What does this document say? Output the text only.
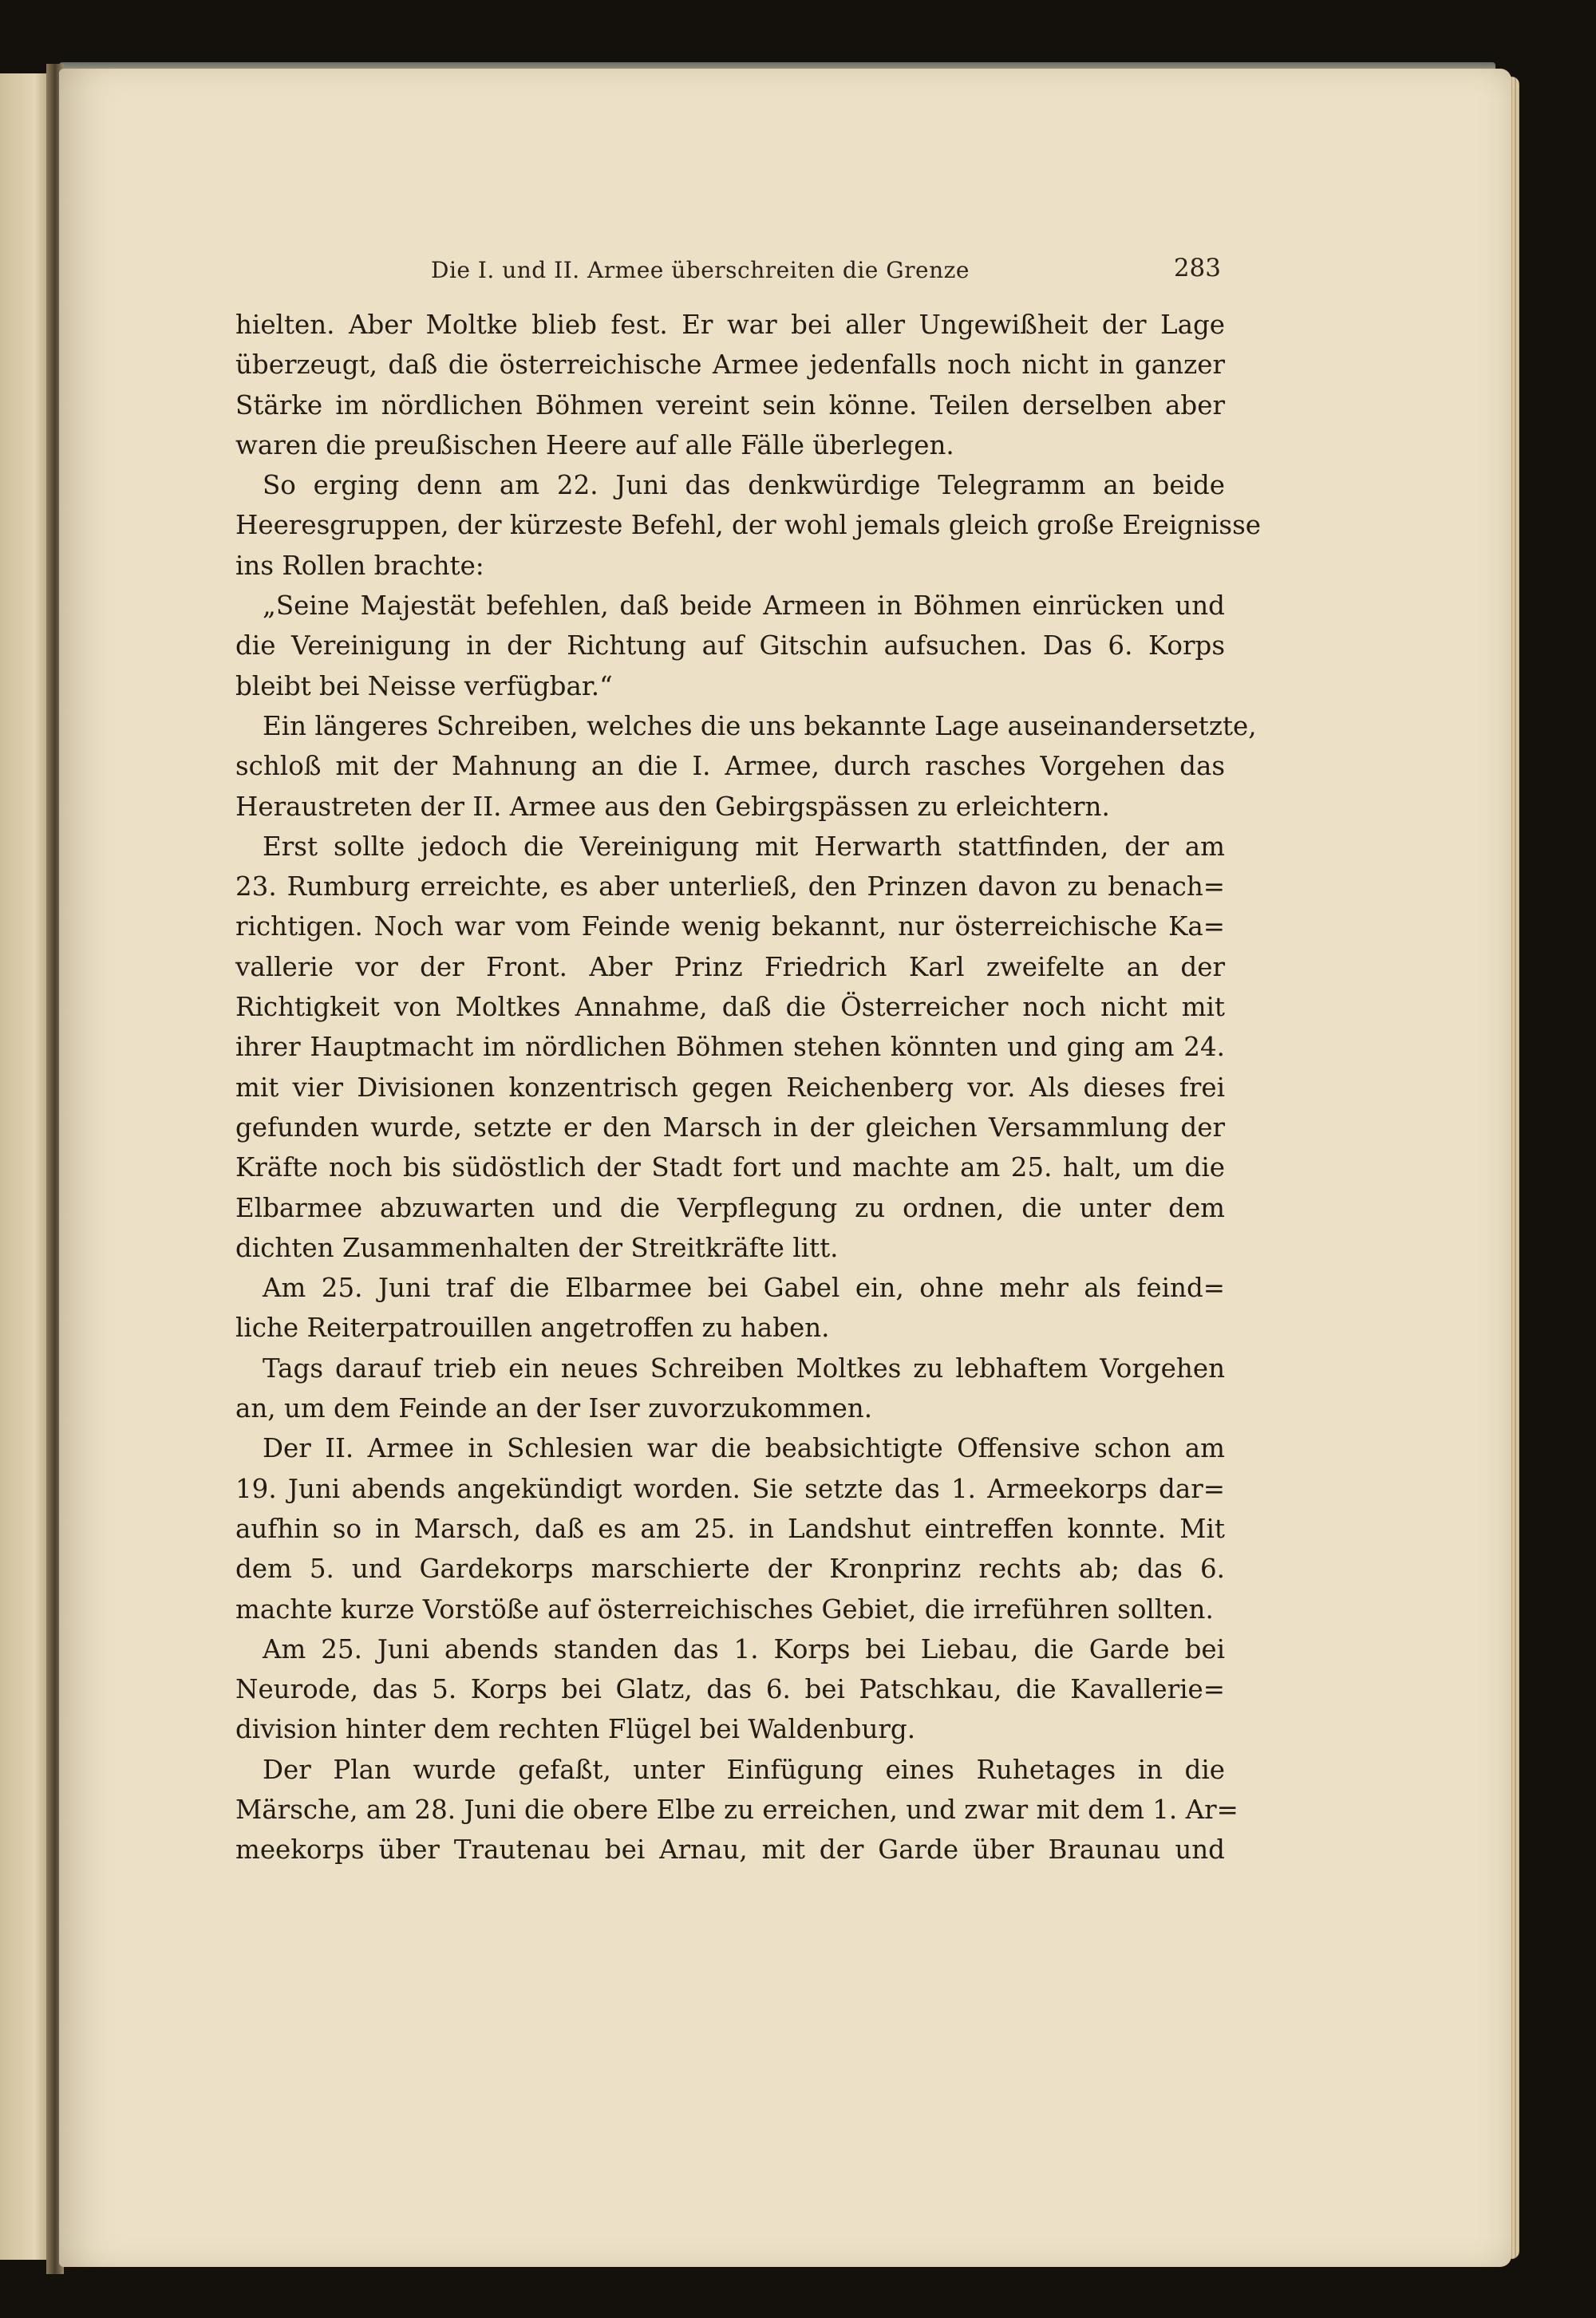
Die I. und II. Armee überschreiten die Grenze	283
hielten. Aber Moltke blieb fest. Er war bei aller Ungewißheit der Lage
überzeugt, daß die österreichische Armee jedenfalls noch nicht in ganzer
Stärke im nördlichen Böhmen vereint sein könne. Teilen derselben aber
waren die preußischen Heere auf alle Fälle überlegen.
So erging denn am 22. Juni das denkwürdige Telegramm an beide
Heeresgruppen, der kürzeste Befehl, der wohl jemals gleich große Ereignisse
ins Rollen brachte:
„Seine Majestät befehlen, daß beide Armeen in Böhmen einrücken und
die Vereinigung in der Richtung auf Gitschin aufsuchen. Das 6. Korps
bleibt bei Neisse verfügbar.“
Ein längeres Schreiben, welches die uns bekannte Lage auseinandersetzte,
schloß mit der Mahnung an die I. Armee, durch rasches Vorgehen das
Heraustreten der II. Armee aus den Gebirgspässen zu erleichtern.
Erst sollte jedoch die Vereinigung mit Herwarth stattfinden, der am
23. Rumburg erreichte, es aber unterließ, den Prinzen davon zu benach=
richtigen. Noch war vom Feinde wenig bekannt, nur österreichische Ka=
vallerie vor der Front. Aber Prinz Friedrich Karl zweifelte an der
Richtigkeit von Moltkes Annahme, daß die Österreicher noch nicht mit
ihrer Hauptmacht im nördlichen Böhmen stehen könnten und ging am 24.
mit vier Divisionen konzentrisch gegen Reichenberg vor. Als dieses frei
gefunden wurde, setzte er den Marsch in der gleichen Versammlung der
Kräfte noch bis südöstlich der Stadt fort und machte am 25. halt, um die
Elbarmee abzuwarten und die Verpflegung zu ordnen, die unter dem
dichten Zusammenhalten der Streitkräfte litt.
Am 25. Juni traf die Elbarmee bei Gabel ein, ohne mehr als feind=
liche Reiterpatrouillen angetroffen zu haben.
Tags darauf trieb ein neues Schreiben Moltkes zu lebhaftem Vorgehen
an, um dem Feinde an der Iser zuvorzukommen.
Der II. Armee in Schlesien war die beabsichtigte Offensive schon am
19. Juni abends angekündigt worden. Sie setzte das 1. Armeekorps dar=
aufhin so in Marsch, daß es am 25. in Landshut eintreffen konnte. Mit
dem 5. und Gardekorps marschierte der Kronprinz rechts ab; das 6.
machte kurze Vorstöße auf österreichisches Gebiet, die irreführen sollten.
Am 25. Juni abends standen das 1. Korps bei Liebau, die Garde bei
Neurode, das 5. Korps bei Glatz, das 6. bei Patschkau, die Kavallerie=
division hinter dem rechten Flügel bei Waldenburg.
Der Plan wurde gefaßt, unter Einfügung eines Ruhetages in die
Märsche, am 28. Juni die obere Elbe zu erreichen, und zwar mit dem 1. Ar=
meekorps über Trautenau bei Arnau, mit der Garde über Braunau und
